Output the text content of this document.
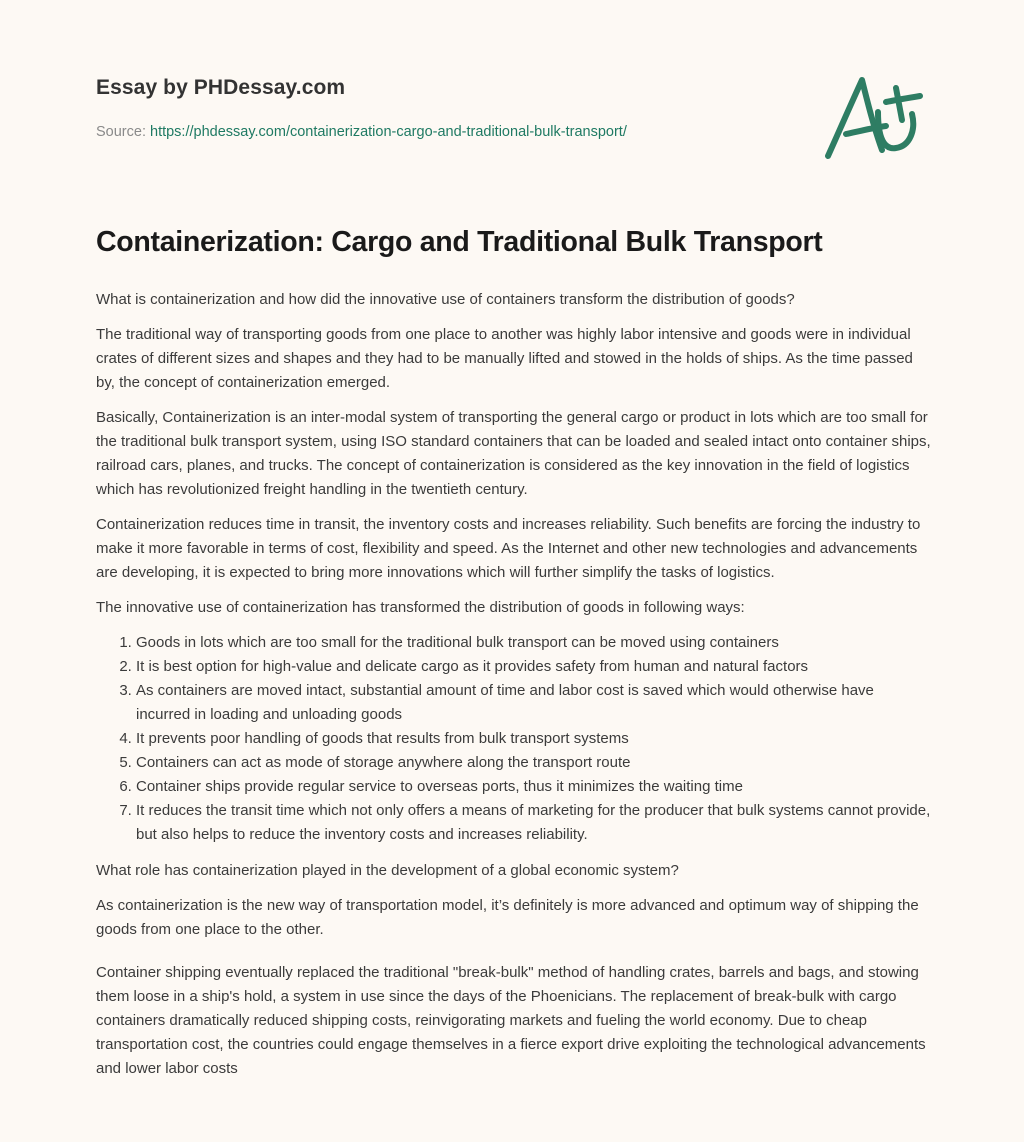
Essay by PHDessay.com
Source: https://phdessay.com/containerization-cargo-and-traditional-bulk-transport/
Containerization: Cargo and Traditional Bulk Transport

What is containerization and how did the innovative use of containers transform the distribution of goods?

The traditional way of transporting goods from one place to another was highly labor intensive and goods were in individual crates of different sizes and shapes and they had to be manually lifted and stowed in the holds of ships. As the time passed by, the concept of containerization emerged.

Basically, Containerization is an inter-modal system of transporting the general cargo or product in lots which are too small for the traditional bulk transport system, using ISO standard containers that can be loaded and sealed intact onto container ships, railroad cars, planes, and trucks. The concept of containerization is considered as the key innovation in the field of logistics which has revolutionized freight handling in the twentieth century.

Containerization reduces time in transit, the inventory costs and increases reliability. Such benefits are forcing the industry to make it more favorable in terms of cost, flexibility and speed. As the Internet and other new technologies and advancements are developing, it is expected to bring more innovations which will further simplify the tasks of logistics.

The innovative use of containerization has transformed the distribution of goods in following ways:

1. Goods in lots which are too small for the traditional bulk transport can be moved using containers
2. It is best option for high-value and delicate cargo as it provides safety from human and natural factors
3. As containers are moved intact, substantial amount of time and labor cost is saved which would otherwise have incurred in loading and unloading goods
4. It prevents poor handling of goods that results from bulk transport systems
5. Containers can act as mode of storage anywhere along the transport route
6. Container ships provide regular service to overseas ports, thus it minimizes the waiting time
7. It reduces the transit time which not only offers a means of marketing for the producer that bulk systems cannot provide, but also helps to reduce the inventory costs and increases reliability.

What role has containerization played in the development of a global economic system?

As containerization is the new way of transportation model, it’s definitely is more advanced and optimum way of shipping the goods from one place to the other.

Container shipping eventually replaced the traditional "break-bulk" method of handling crates, barrels and bags, and stowing them loose in a ship's hold, a system in use since the days of the Phoenicians. The replacement of break-bulk with cargo containers dramatically reduced shipping costs, reinvigorating markets and fueling the world economy. Due to cheap transportation cost, the countries could engage themselves in a fierce export drive exploiting the technological advancements and lower labor costs
